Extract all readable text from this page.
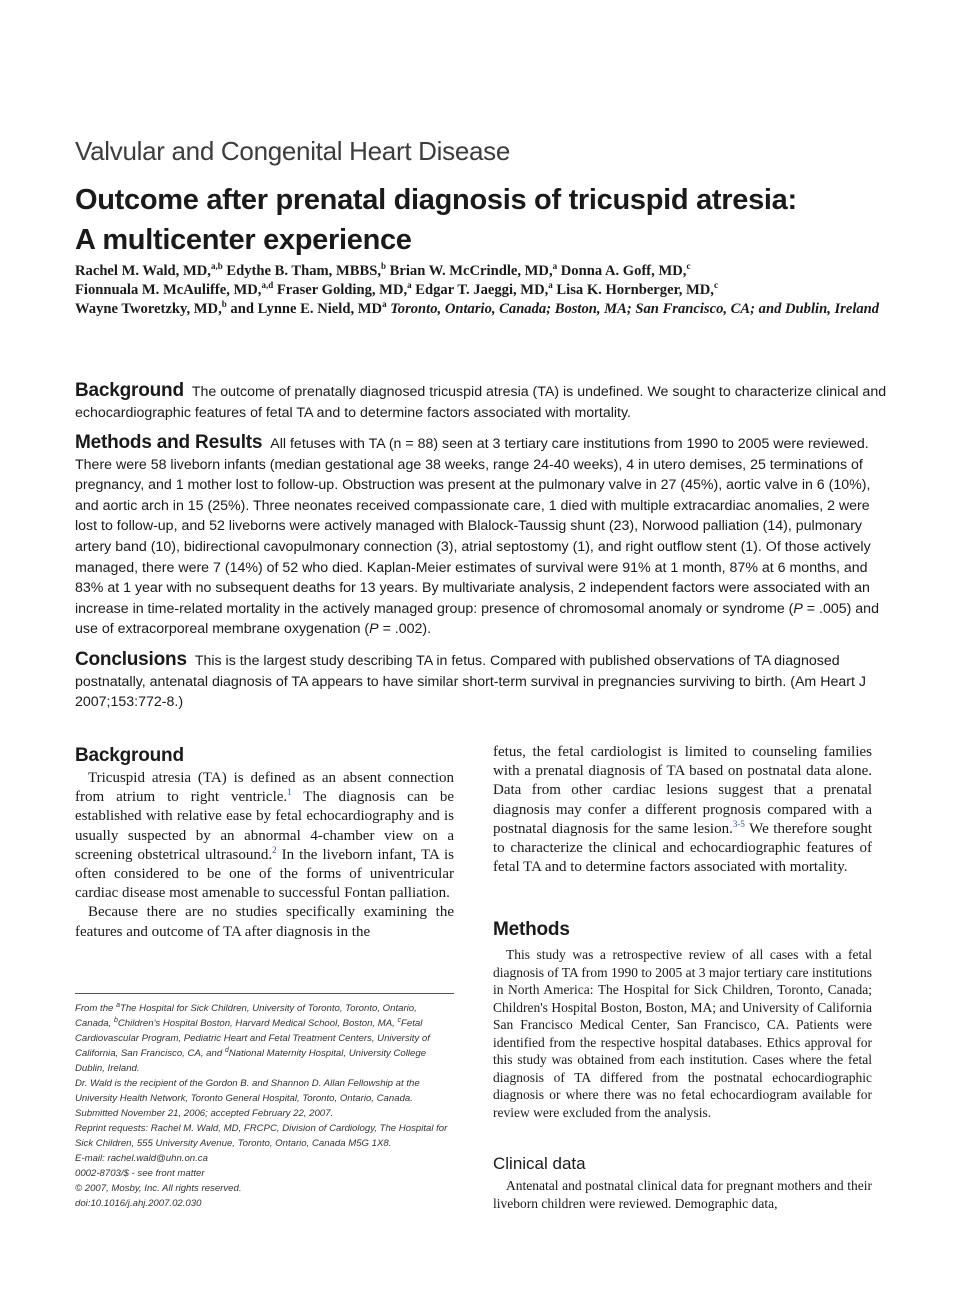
Valvular and Congenital Heart Disease
Outcome after prenatal diagnosis of tricuspid atresia:
A multicenter experience
Rachel M. Wald, MD,$^{a,b}$ Edythe B. Tham, MBBS,$^b$ Brian W. McCrindle, MD,$^a$ Donna A. Goff, MD,$^c$
Fionnuala M. McAuliffe, MD,$^{a,d}$ Fraser Golding, MD,$^a$ Edgar T. Jaeggi, MD,$^a$ Lisa K. Hornberger, MD,$^c$
Wayne Tworetzky, MD,$^b$ and Lynne E. Nield, $MD^a$ Toronto, Ontario, Canada; Boston, MA; San Francisco, CA; and Dublin, Ireland
Background The outcome of prenatally diagnosed tricuspid atresia (TA) is undefined. We sought to characterize clinical and echocardiographic features of fetal TA and to determine factors associated with mortality.
Methods and Results All fetuses with TA (n = 88) seen at 3 tertiary care institutions from 1990 to 2005 were reviewed. There were 58 liveborn infants (median gestational age 38 weeks, range 24-40 weeks), 4 in utero demises, 25 terminations of pregnancy, and 1 mother lost to follow-up. Obstruction was present at the pulmonary valve in 27 (45%), aortic valve in 6 (10%), and aortic arch in 15 (25%). Three neonates received compassionate care, 1 died with multiple extracardiac anomalies, 2 were lost to follow-up, and 52 liveborns were actively managed with Blalock-Taussig shunt (23), Norwood palliation (14), pulmonary artery band (10), bidirectional cavopulmonary connection (3), atrial septostomy (1), and right outflow stent (1). Of those actively managed, there were 7 (14%) of 52 who died. Kaplan-Meier estimates of survival were 91% at 1 month, 87% at 6 months, and 83% at 1 year with no subsequent deaths for 13 years. By multivariate analysis, 2 independent factors were associated with an increase in time-related mortality in the actively managed group: presence of chromosomal anomaly or syndrome (P = .005) and use of extracorporeal membrane oxygenation (P = .002).
Conclusions This is the largest study describing TA in fetus. Compared with published observations of TA diagnosed postnatally, antenatal diagnosis of TA appears to have similar short-term survival in pregnancies surviving to birth. (Am Heart J 2007;153:772-8.)
Background

Tricuspid atresia (TA) is defined as an absent connection from atrium to right ventricle.$^1$ The diagnosis can be established with relative ease by fetal echocardiography and is usually suspected by an abnormal 4-chamber view on a screening obstetrical ultrasound.$^2$ In the liveborn infant, TA is often considered to be one of the forms of univentricular cardiac disease most amenable to successful Fontan palliation.

Because there are no studies specifically examining the features and outcome of TA after diagnosis in the

From the $^a$The Hospital for Sick Children, University of Toronto, Toronto, Ontario, Canada, $^b$Children's Hospital Boston, Harvard Medical School, Boston, MA, $^c$Fetal Cardiovascular Program, Pediatric Heart and Fetal Treatment Centers, University of California, San Francisco, CA, and $^d$National Maternity Hospital, University College Dublin, Ireland.

Dr. Wald is the recipient of the Gordon B. and Shannon D. Allan Fellowship at the University Health Network, Toronto General Hospital, Toronto, Ontario, Canada.

Submitted November 21, 2006; accepted February 22, 2007.

Reprint requests: Rachel M. Wald, MD, FRCPC, Division of Cardiology, The Hospital for Sick Children, 555 University Avenue, Toronto, Ontario, Canada M5G 1X8.

E-mail: rachel.wald@uhn.on.ca

0002-8703/$ - see front matter

© 2007, Mosby, Inc. All rights reserved.

doi:10.1016/j.ahj.2007.02.030

fetus, the fetal cardiologist is limited to counseling families with a prenatal diagnosis of TA based on postnatal data alone. Data from other cardiac lesions suggest that a prenatal diagnosis may confer a different prognosis compared with a postnatal diagnosis for the same lesion.$^{3-5}$ We therefore sought to characterize the clinical and echocardiographic features of fetal TA and to determine factors associated with mortality.

Methods

This study was a retrospective review of all cases with a fetal diagnosis of TA from 1990 to 2005 at 3 major tertiary care institutions in North America: The Hospital for Sick Children, Toronto, Canada; Children's Hospital Boston, Boston, MA; and University of California San Francisco Medical Center, San Francisco, CA. Patients were identified from the respective hospital databases. Ethics approval for this study was obtained from each institution. Cases where the fetal diagnosis of TA differed from the postnatal echocardiographic diagnosis or where there was no fetal echocardiogram available for review were excluded from the analysis.

Clinical data

Antenatal and postnatal clinical data for pregnant mothers and their liveborn children were reviewed. Demographic data,
